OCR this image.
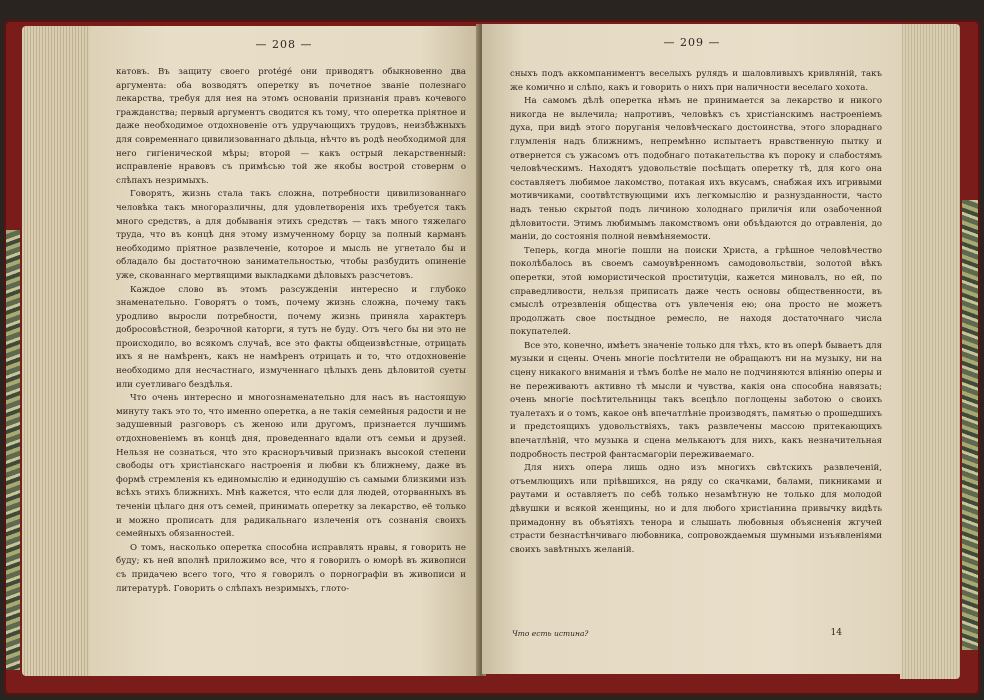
— 208 —

катовъ. Въ защиту своего protégé они приводятъ обыкновенно два аргумента: оба возводятъ оперетку въ почетное званіе полезнаго лекарства, требуя для нея на этомъ основаніи признанія правъ кочевого гражданства; первый аргументъ сводится къ тому, что оперетка пріятное и даже необходимое отдохновеніе отъ удручающихъ трудовъ, неизбѣжныхъ для современнаго цивилизованнаго дѣльца, нѣчто въ родѣ необходимой для него гигіенической мѣры; второй — какъ острый лекарственный: исправленіе нравовъ съ примѣсью той же якобы вострой стовернм о слѣпахъ незримыхъ.

Говорятъ, жизнь стала такъ сложна, потребности цивилизованнаго человѣка такъ многоразличны, для удовлетворенія ихъ требуется такъ много средствъ, а для добыванія этихъ средствъ — такъ много тяжелаго труда, что въ концѣ дня этому измученному борцу за полный карманъ необходимо пріятное развлеченіе, которое и мысль не угнетало бы и обладало бы достаточною занимательностью, чтобы разбудить опиненіе уже, скованнаго мертвящими выкладками дѣловыхъ разсчетовъ.

Каждое слово въ этомъ разсужденіи интересно и глубоко знаменательно. Говорятъ о томъ, почему жизнь сложна, почему такъ уродливо выросли потребности, почему жизнь приняла характеръ добросовѣстной, безрочной каторги, я тутъ не буду. Отъ чего бы ни это не происходило, во всякомъ случаѣ, все это факты общеизвѣстные, отрицать ихъ я не намѣренъ, какъ не намѣренъ отрицать и то, что отдохновеніе необходимо для несчастнаго, измученнаго цѣлыхъ день дѣловитой суеты или суетливаго бездѣлья.

Что очень интересно и многознаменательно для насъ въ настоящую минуту такъ это то, что именно оперетка, а не такія семейныя радости и не задушевный разговоръ съ женою или другомъ, признается лучшимъ отдохновеніемъ въ концѣ дня, проведеннаго вдали отъ семьи и друзей. Нельзя не сознаться, что это красноръчивый признакъ высокой степени свободы отъ христіанскаго настроенія и любви къ ближнему, даже въ формѣ стремленія къ единомыслію и единодушію съ самыми близкими изъ всѣхъ этихъ ближнихъ. Мнѣ кажется, что если для людей, оторванныхъ въ теченіи цѣлаго дня отъ семей, принимать оперетку за лекарство, её только и можно прописать для радикальнаго излеченія отъ сознанія своихъ семейныхъ обязанностей.

О томъ, насколько оперетка способна исправлять нравы, я говорить не буду; къ ней вполнѣ приложимо все, что я говорилъ о юморѣ въ живописи съ придачею всего того, что я говорилъ о порнографіи въ живописи и литературѣ. Говорить о слѣпахъ незримыхъ, глото-

— 209 —

сныхъ подъ аккомпаниментъ веселыхъ рулядъ и шаловливыхъ кривляній, такъ же комично и слѣпо, какъ и говорить о нихъ при наличности веселаго хохота.

На самомъ дѣлѣ оперетка нѣмъ не принимается за лекарство и никого никогда не вылечила; напротивъ, человѣкъ съ христіанскимъ настроеніемъ духа, при видѣ этого поруганія человѣческаго достоинства, этого злораднаго глумленія надъ ближнимъ, непремѣнно испытаетъ нравственную пытку и отвернется съ ужасомъ отъ подобнаго потакательства къ пороку и слабостямъ человѣческимъ. Находятъ удовольствіе посѣщать оперетку тѣ, для кого она составляетъ любимое лакомство, потакая ихъ вкусамъ, снабжая ихъ игривыми мотивчиками, соотвѣтствующими ихъ легкомыслію и разнузданности, часто надъ тенью скрытой подъ личиною холоднаго приличія или озабоченной дѣловитости. Этимъ любимымъ лакомствомъ они объѣдаются до отравленія, до маніи, до состоянія полной невмѣняемости.

Теперь, когда многіе пошли на поиски Христа, а грѣшное человѣчество поколѣбалось въ своемъ самоувѣренномъ самодовольствіи, золотой вѣкъ оперетки, этой юмористической проституціи, кажется миновалъ, но ей, по справедливости, нельзя приписать даже честь основы общественности, въ смыслѣ отрезвленія общества отъ увлеченія ею; она просто не можетъ продолжать свое постыдное ремесло, не находя достаточнаго числа покупателей.

Все это, конечно, имѣетъ значеніе только для тѣхъ, кто въ оперѣ бываетъ для музыки и сцены. Очень многіе посѣтители не обращаютъ ни на музыку, ни на сцену никакого вниманія и тѣмъ болѣе не мало не подчиняются вліянію оперы и не переживаютъ активно тѣ мысли и чувства, какія она способна навязать; очень многіе посѣтительницы такъ всецѣло поглощены заботою о своихъ туалетахъ и о томъ, какое онѣ впечатлѣніе производятъ, памятью о прошедшихъ и предстоящихъ удовольствіяхъ, такъ развлечены массою притекающихъ впечатлѣній, что музыка и сцена мелькаютъ для нихъ, какъ незначительная подробность пестрой фантасмагоріи переживаемаго.

Для нихъ опера лишь одно изъ многихъ свѣтскихъ развлеченій, отъемлющихъ или пріѣвшихся, на ряду со скачками, балами, пикниками и раутами и оставляетъ по себѣ только незамѣтную не только для молодой дѣвушки и всякой женщины, но и для любого христіанина привычку видѣть примадонну въ объятіяхъ тенора и слышать любовныя объясненія жгучей страсти безнастѣнчиваго любовника, сопровождаемыя шумными изъявленіями своихъ завѣтныхъ желаній.

Что есть истина?	14
